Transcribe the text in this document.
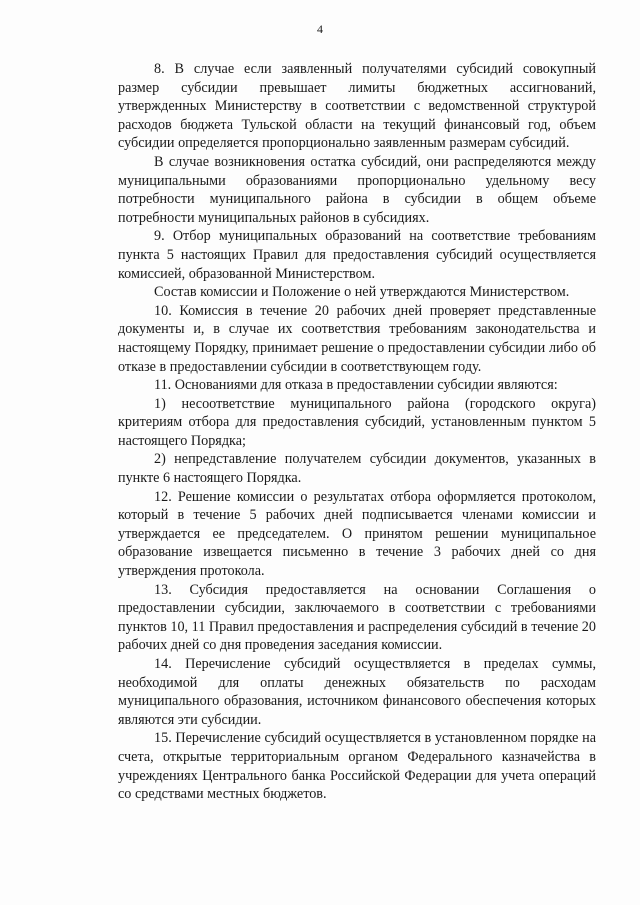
4

8. В случае если заявленный получателями субсидий совокупный размер субсидии превышает лимиты бюджетных ассигнований, утвержденных Министерству в соответствии с ведомственной структурой расходов бюджета Тульской области на текущий финансовый год, объем субсидии определяется пропорционально заявленным размерам субсидий.

В случае возникновения остатка субсидий, они распределяются между муниципальными образованиями пропорционально удельному весу потребности муниципального района в субсидии в общем объеме потребности муниципальных районов в субсидиях.

9. Отбор муниципальных образований на соответствие требованиям пункта 5 настоящих Правил для предоставления субсидий осуществляется комиссией, образованной Министерством.

Состав комиссии и Положение о ней утверждаются Министерством.

10. Комиссия в течение 20 рабочих дней проверяет представленные документы и, в случае их соответствия требованиям законодательства и настоящему Порядку, принимает решение о предоставлении субсидии либо об отказе в предоставлении субсидии в соответствующем году.

11. Основаниями для отказа в предоставлении субсидии являются:

1) несоответствие муниципального района (городского округа) критериям отбора для предоставления субсидий, установленным пунктом 5 настоящего Порядка;

2) непредставление получателем субсидии документов, указанных в пункте 6 настоящего Порядка.

12. Решение комиссии о результатах отбора оформляется протоколом, который в течение 5 рабочих дней подписывается членами комиссии и утверждается ее председателем. О принятом решении муниципальное образование извещается письменно в течение 3 рабочих дней со дня утверждения протокола.

13. Субсидия предоставляется на основании Соглашения о предоставлении субсидии, заключаемого в соответствии с требованиями пунктов 10, 11 Правил предоставления и распределения субсидий в течение 20 рабочих дней со дня проведения заседания комиссии.

14. Перечисление субсидий осуществляется в пределах суммы, необходимой для оплаты денежных обязательств по расходам муниципального образования, источником финансового обеспечения которых являются эти субсидии.

15. Перечисление субсидий осуществляется в установленном порядке на счета, открытые территориальным органом Федерального казначейства в учреждениях Центрального банка Российской Федерации для учета операций со средствами местных бюджетов.
